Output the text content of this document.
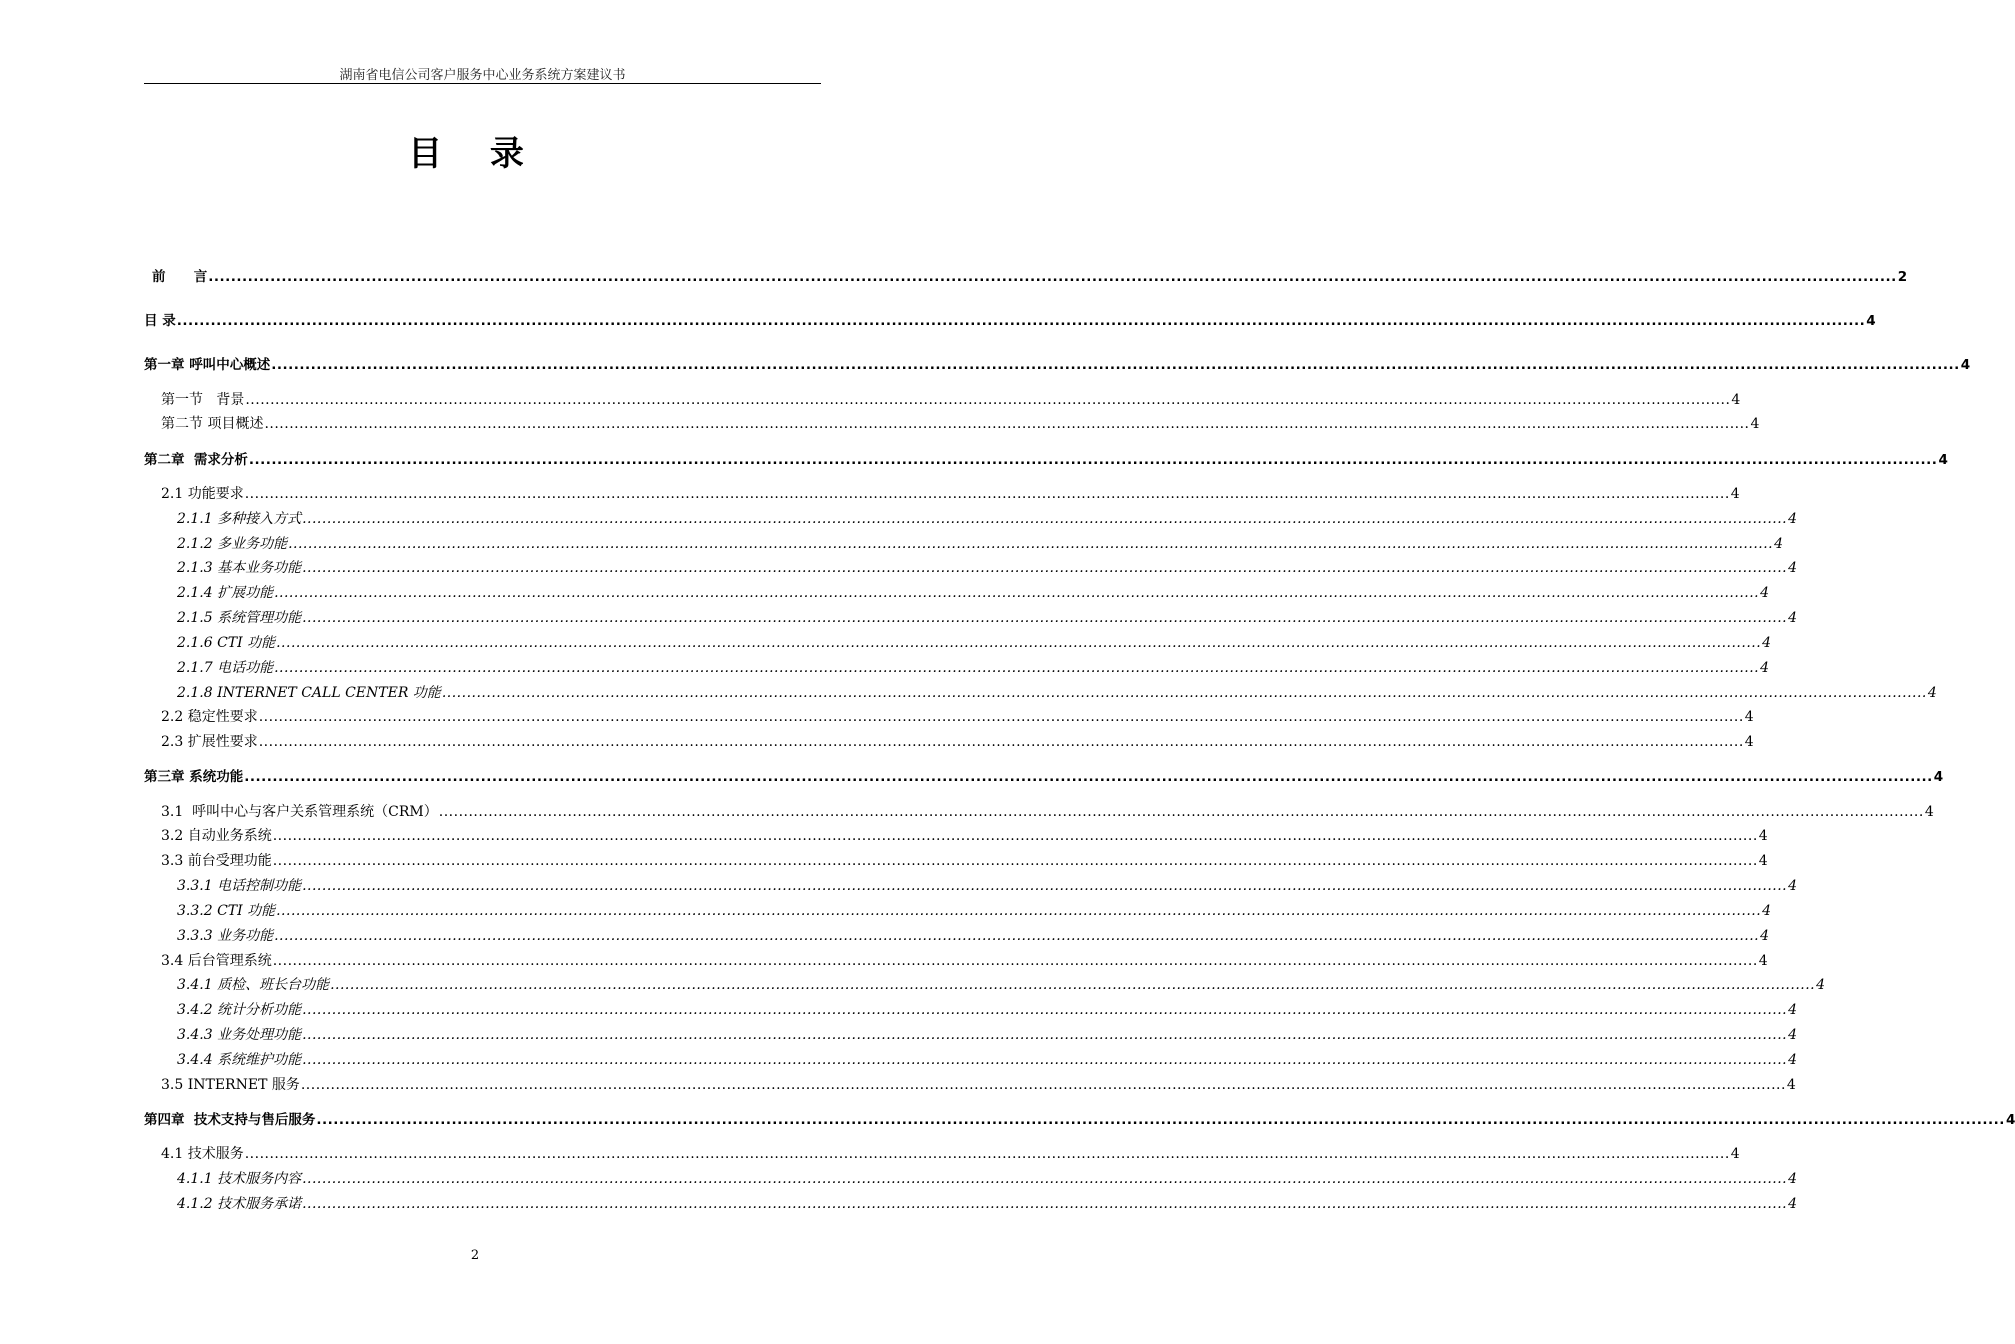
湖南省电信公司客户服务中心业务系统方案建议书
目 录
前      言 ............................................................................................................................................................................................................................................................................................................ 2
目 录 ............................................................................................................................................................................................................................................................................................................ 4
第一章 呼叫中心概述 ............................................................................................................................................................................................................................................................................................................ 4
第一节   背景 ............................................................................................................................................................................................................................................................................................................ 4
第二节 项目概述 ............................................................................................................................................................................................................................................................................................................ 4
第二章  需求分析 ............................................................................................................................................................................................................................................................................................................ 4
2.1 功能要求 ............................................................................................................................................................................................................................................................................................................ 4
2.1.1 多种接入方式 ............................................................................................................................................................................................................................................................................................................ 4
2.1.2 多业务功能 ............................................................................................................................................................................................................................................................................................................ 4
2.1.3 基本业务功能 ............................................................................................................................................................................................................................................................................................................ 4
2.1.4 扩展功能 ............................................................................................................................................................................................................................................................................................................ 4
2.1.5 系统管理功能 ............................................................................................................................................................................................................................................................................................................ 4
2.1.6 CTI 功能 ............................................................................................................................................................................................................................................................................................................ 4
2.1.7 电话功能 ............................................................................................................................................................................................................................................................................................................ 4
2.1.8 INTERNET CALL CENTER 功能 ............................................................................................................................................................................................................................................................................................................ 4
2.2 稳定性要求 ............................................................................................................................................................................................................................................................................................................ 4
2.3 扩展性要求 ............................................................................................................................................................................................................................................................................................................ 4
第三章 系统功能 ............................................................................................................................................................................................................................................................................................................ 4
3.1  呼叫中心与客户关系管理系统（CRM） ............................................................................................................................................................................................................................................................................................................ 4
3.2 自动业务系统 ............................................................................................................................................................................................................................................................................................................ 4
3.3 前台受理功能 ............................................................................................................................................................................................................................................................................................................ 4
3.3.1 电话控制功能 ............................................................................................................................................................................................................................................................................................................ 4
3.3.2 CTI 功能 ............................................................................................................................................................................................................................................................................................................ 4
3.3.3 业务功能 ............................................................................................................................................................................................................................................................................................................ 4
3.4 后台管理系统 ............................................................................................................................................................................................................................................................................................................ 4
3.4.1 质检、班长台功能 ............................................................................................................................................................................................................................................................................................................ 4
3.4.2 统计分析功能 ............................................................................................................................................................................................................................................................................................................ 4
3.4.3 业务处理功能 ............................................................................................................................................................................................................................................................................................................ 4
3.4.4 系统维护功能 ............................................................................................................................................................................................................................................................................................................ 4
3.5 INTERNET 服务 ............................................................................................................................................................................................................................................................................................................ 4
第四章  技术支持与售后服务 ............................................................................................................................................................................................................................................................................................................ 4
4.1 技术服务 ............................................................................................................................................................................................................................................................................................................ 4
4.1.1 技术服务内容 ............................................................................................................................................................................................................................................................................................................ 4
4.1.2 技术服务承诺 ............................................................................................................................................................................................................................................................................................................ 4
2
